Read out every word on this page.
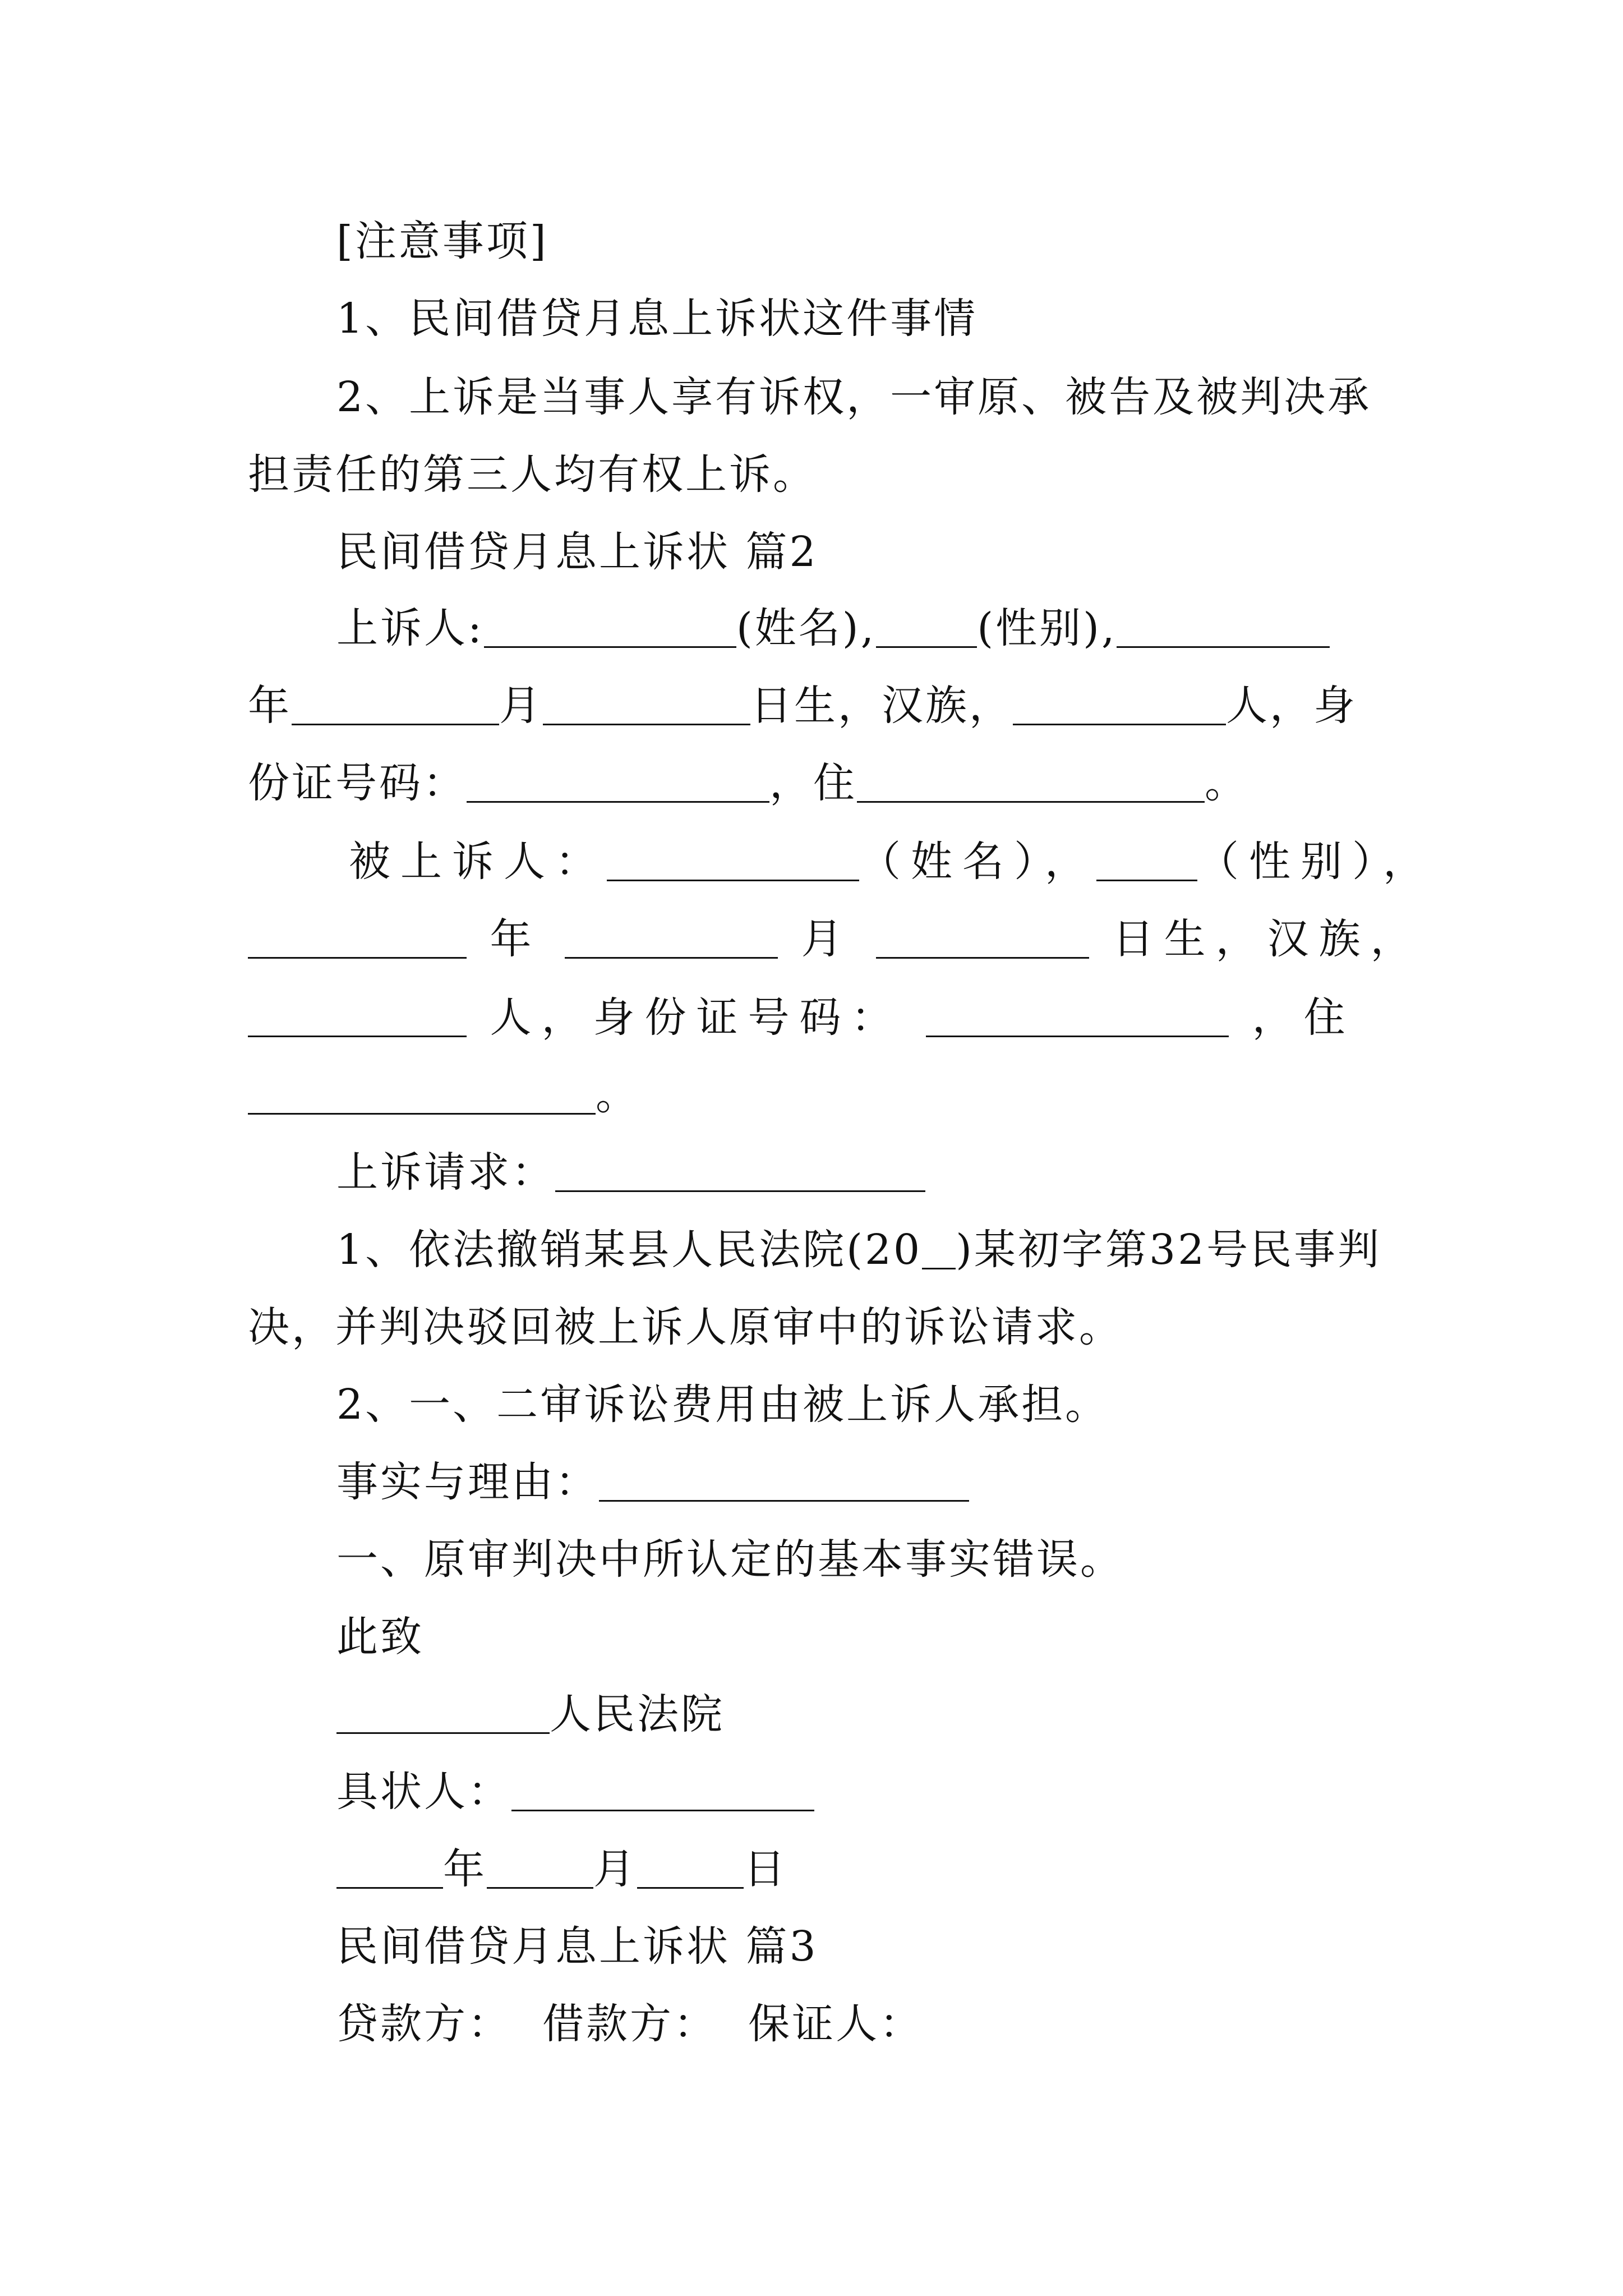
[注意事项]
1、民间借贷月息上诉状这件事情
2、上诉是当事人享有诉权，一审原、被告及被判决承
担责任的第三人均有权上诉。
民间借贷月息上诉状 篇2
上诉人:	(姓名), (性别),
年	月	日生，汉族，	人，身
份证号码：	，住	。
被上诉人：	（姓名）， （性别），
年	月	日生，汉族，
人，身份证号码：	，住
。
上诉请求：
1、依法撤销某县人民法院(20 )某初字第32号民事判
决，并判决驳回被上诉人原审中的诉讼请求。
2、一、二审诉讼费用由被上诉人承担。
事实与理由：
一、原审判决中所认定的基本事实错误。
此致
人民法院
具状人：
年	月	日
民间借贷月息上诉状 篇3
贷款方：  借款方：  保证人：
